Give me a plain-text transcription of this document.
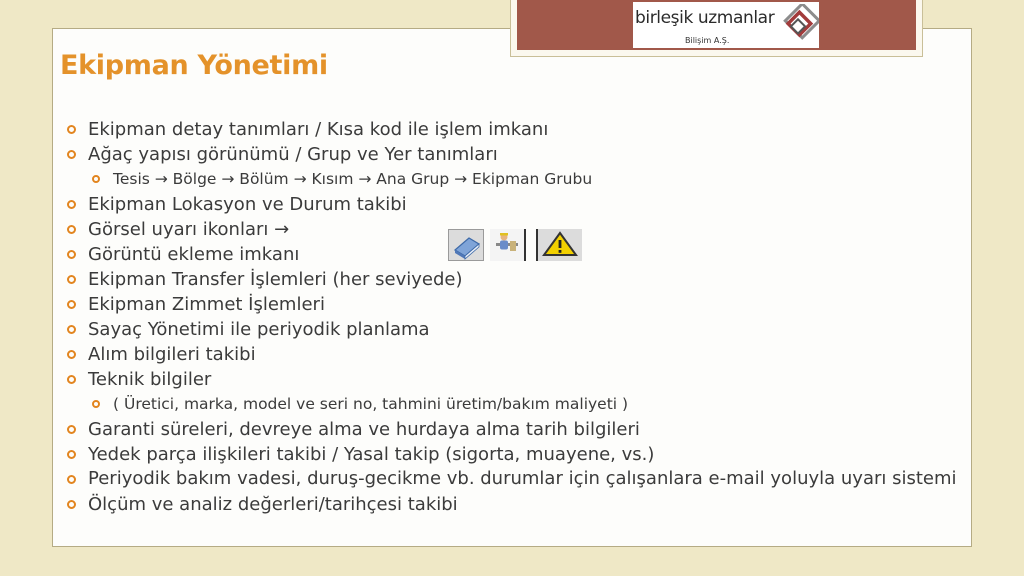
birleşik uzmanlar
Bilişim A.Ş.
Ekipman Yönetimi
Ekipman detay tanımları / Kısa kod ile işlem imkanı
Ağaç yapısı görünümü / Grup ve Yer tanımları
Tesis → Bölge → Bölüm → Kısım → Ana Grup → Ekipman Grubu
Ekipman Lokasyon ve Durum takibi
Görsel uyarı ikonları →
Görüntü ekleme imkanı
Ekipman Transfer İşlemleri (her seviyede)
Ekipman Zimmet İşlemleri
Sayaç Yönetimi ile periyodik planlama
Alım bilgileri takibi
Teknik bilgiler
( Üretici, marka, model ve seri no, tahmini üretim/bakım maliyeti )
Garanti süreleri, devreye alma ve hurdaya alma tarih bilgileri
Yedek parça ilişkileri takibi / Yasal takip (sigorta, muayene, vs.)
Periyodik bakım vadesi, duruş-gecikme vb. durumlar için çalışanlara e-mail yoluyla uyarı sistemi
Ölçüm ve analiz değerleri/tarihçesi takibi
